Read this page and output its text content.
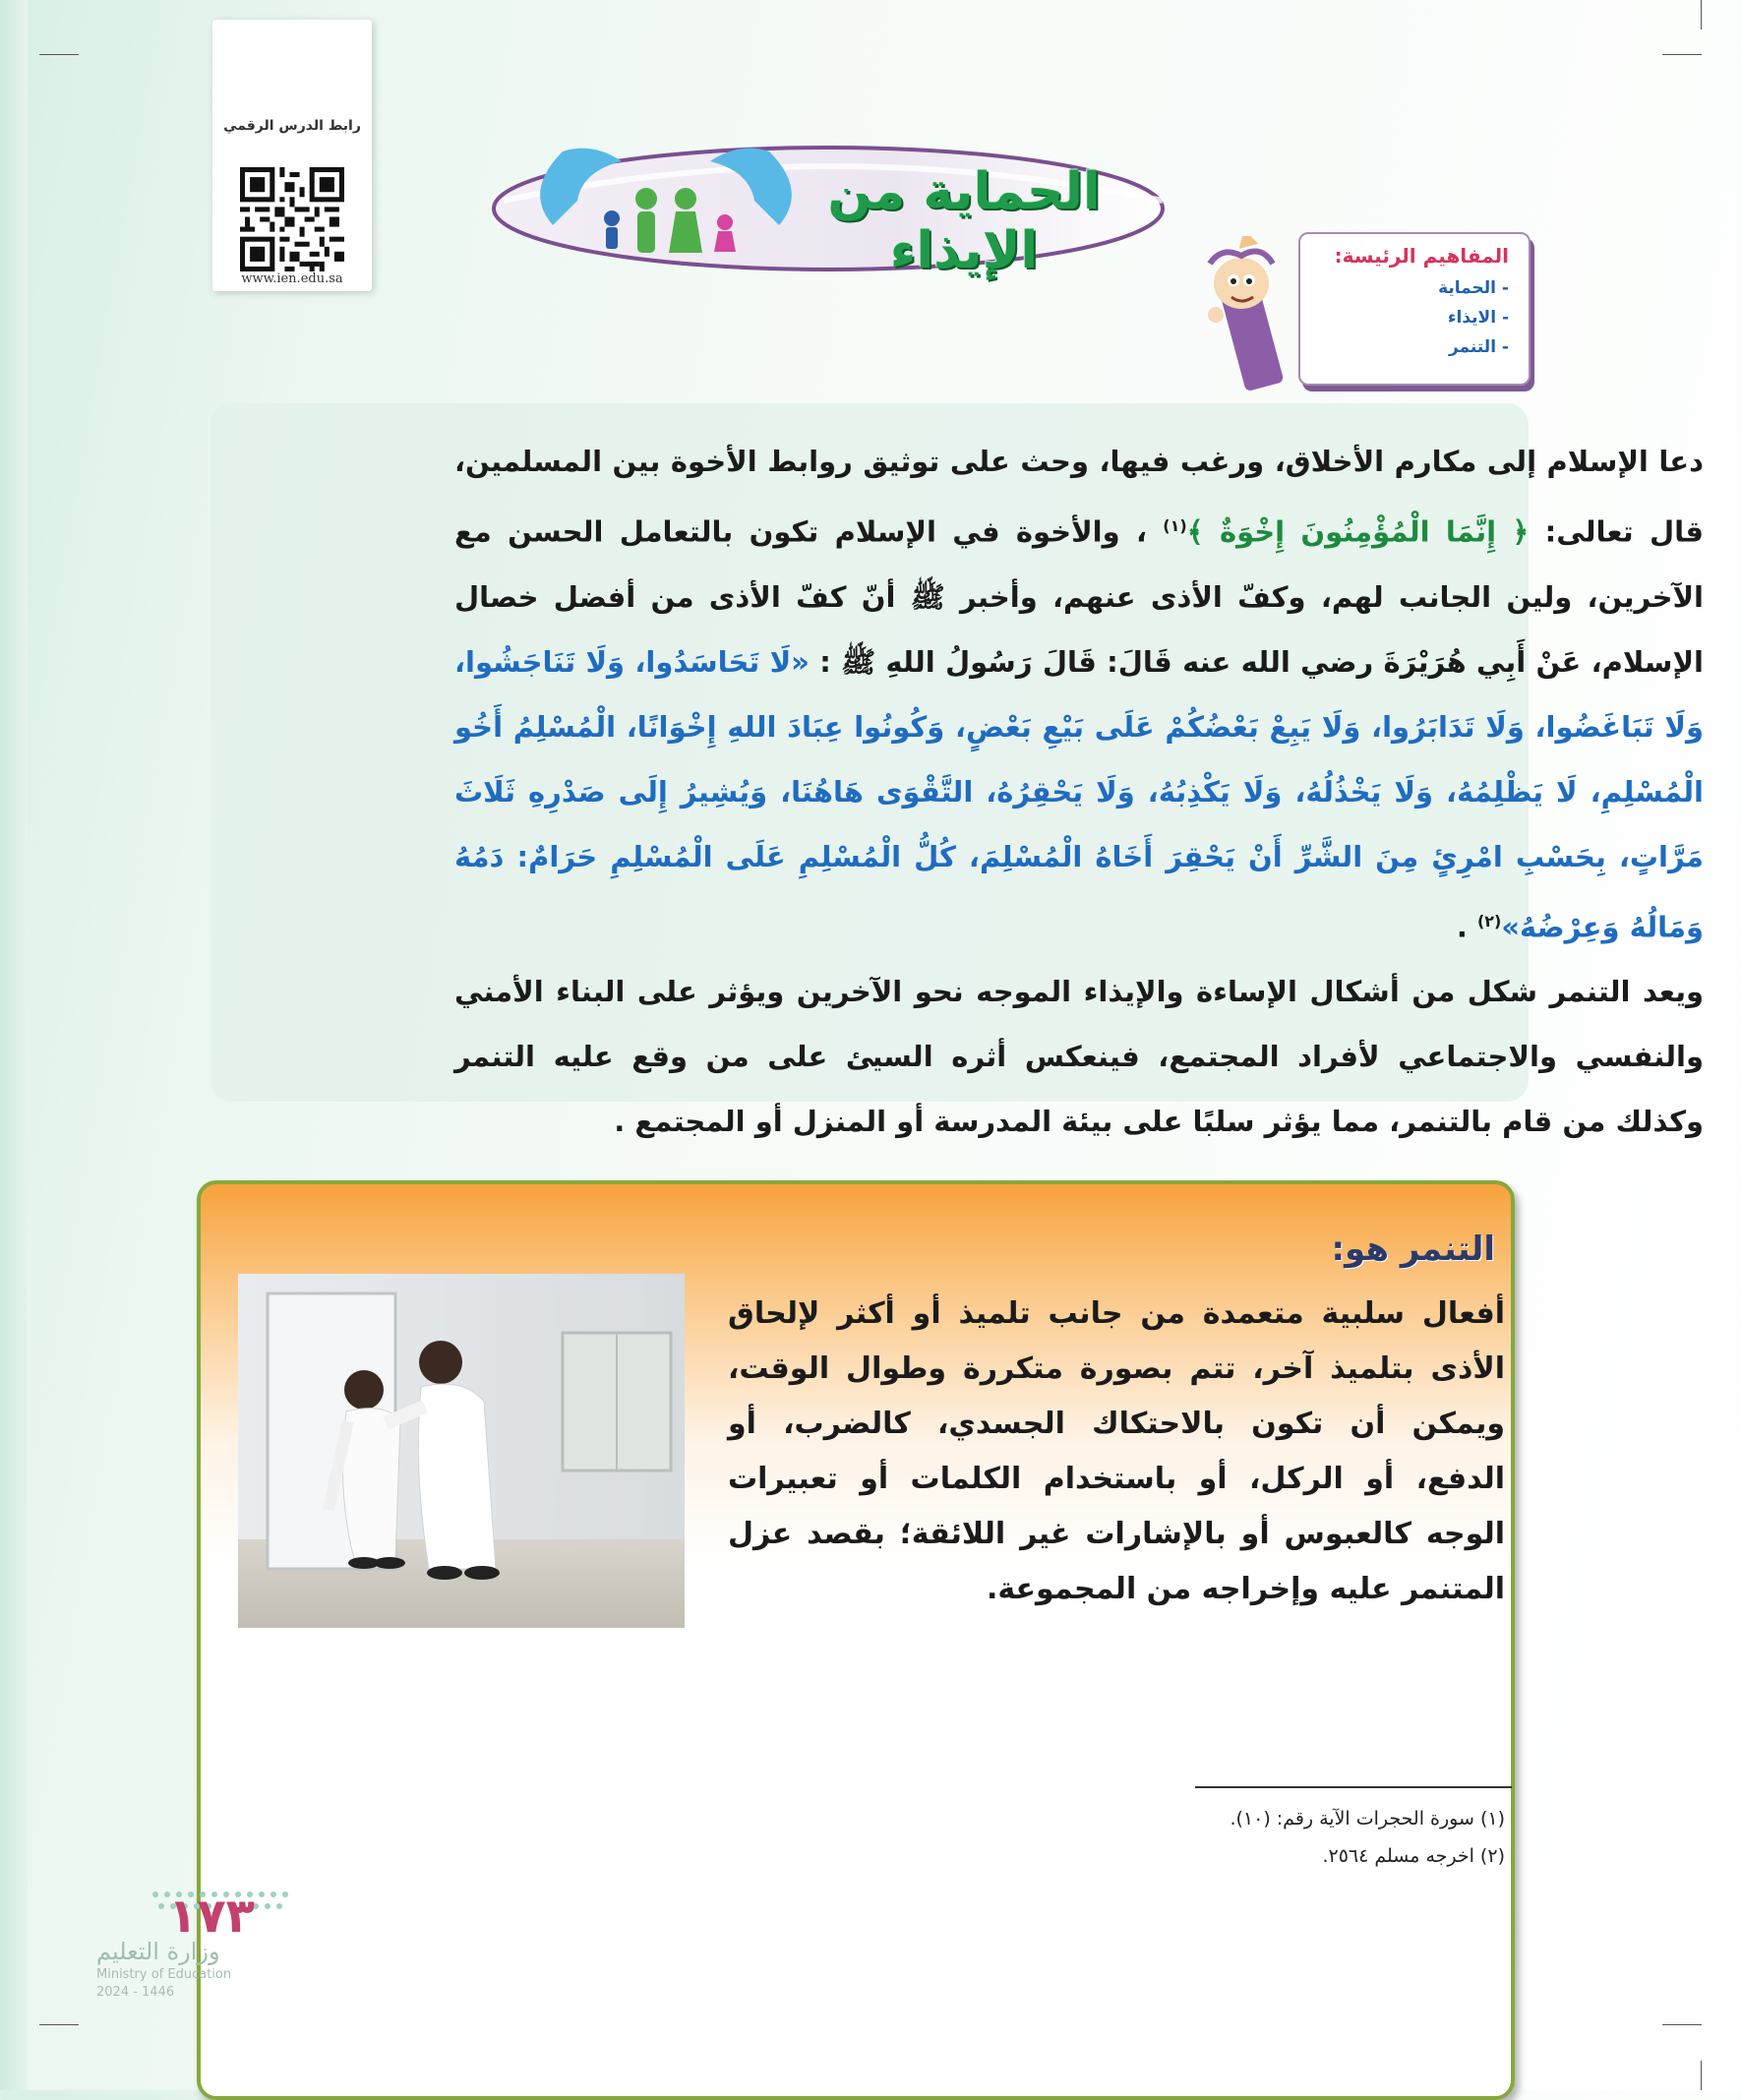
رابط الدرس الرقمي
www.ien.edu.sa
الحماية من الإيذاء	المفاهيم الرئيسة:
- الحماية
- الايذاء
- التنمر

دعا الإسلام إلى مكارم الأخلاق، ورغب فيها، وحث على توثيق روابط الأخوة بين المسلمين، قال تعالى: ﴿ إِنَّمَا الْمُؤْمِنُونَ إِخْوَةٌ ﴾$^{(١)}$ ، والأخوة في الإسلام تكون بالتعامل الحسن مع الآخرين، ولين الجانب لهم، وكفّ الأذى عنهم، وأخبر ﷺ أنّ كفّ الأذى من أفضل خصال الإسلام، عَنْ أَبِي هُرَيْرَةَ رضي الله عنه قَالَ: قَالَ رَسُولُ اللهِ ﷺ : «لَا تَحَاسَدُوا، وَلَا تَنَاجَشُوا، وَلَا تَبَاغَضُوا، وَلَا تَدَابَرُوا، وَلَا يَبِعْ بَعْضُكُمْ عَلَى بَيْعِ بَعْضٍ، وَكُونُوا عِبَادَ اللهِ إِخْوَانًا، الْمُسْلِمُ أَخُو الْمُسْلِمِ، لَا يَظْلِمُهُ، وَلَا يَخْذُلُهُ، وَلَا يَكْذِبُهُ، وَلَا يَحْقِرُهُ، التَّقْوَى هَاهُنَا، وَيُشِيرُ إِلَى صَدْرِهِ ثَلَاثَ مَرَّاتٍ، بِحَسْبِ امْرِئٍ مِنَ الشَّرِّ أَنْ يَحْقِرَ أَخَاهُ الْمُسْلِمَ، كُلُّ الْمُسْلِمِ عَلَى الْمُسْلِمِ حَرَامٌ: دَمُهُ وَمَالُهُ وَعِرْضُهُ»$^{(٢)}$ .

ويعد التنمر شكل من أشكال الإساءة والإيذاء الموجه نحو الآخرين ويؤثر على البناء الأمني والنفسي والاجتماعي لأفراد المجتمع، فينعكس أثره السيئ على من وقع عليه التنمر وكذلك من قام بالتنمر، مما يؤثر سلبًا على بيئة المدرسة أو المنزل أو المجتمع .

التنمر هو:
أفعال سلبية متعمدة من جانب تلميذ أو أكثر لإلحاق الأذى بتلميذ آخر، تتم بصورة متكررة وطوال الوقت، ويمكن أن تكون بالاحتكاك الجسدي، كالضرب، أو الدفع، أو الركل، أو باستخدام الكلمات أو تعبيرات الوجه كالعبوس أو بالإشارات غير اللائقة؛ بقصد عزل المتنمر عليه وإخراجه من المجموعة.
(١) سورة الحجرات الآية رقم: (١٠).
(٢) اخرجه مسلم ٢٥٦٤.
١٧٣
وزارة التعليم
Ministry of Education
2024 - 1446
